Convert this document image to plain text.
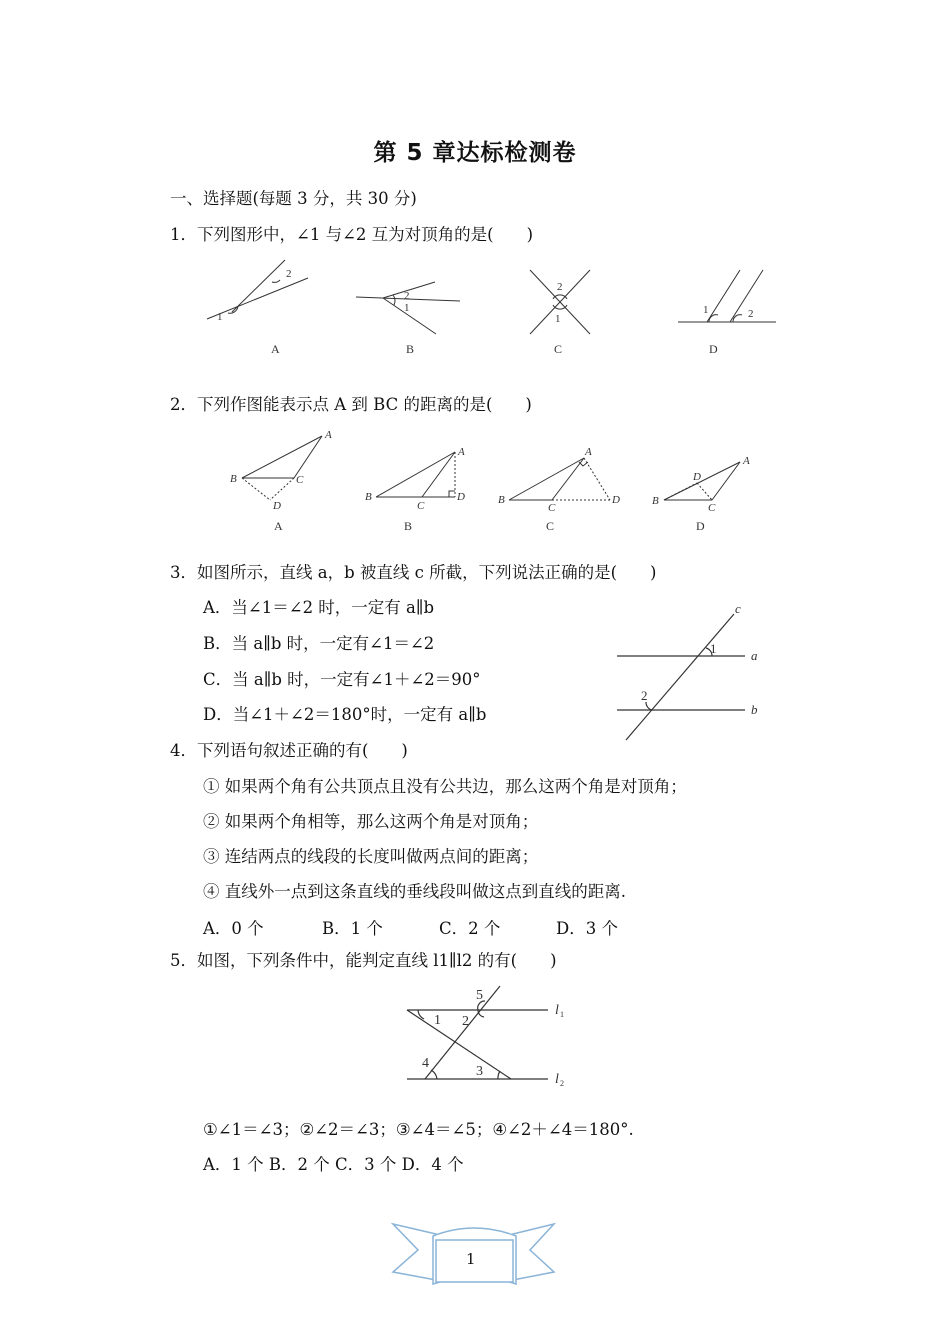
第 5 章达标检测卷
一、选择题(每题 3 分，共 30 分)
1．下列图形中，∠1 与∠2 互为对顶角的是(　　)
2
1
2
1
2
1
1	2
A	B	C	D
2．下列作图能表示点 A 到 BC 的距离的是(　　)
A
B	C
D
A
B
C
D
A
B
C
D
A
B
C
D
A	B	C	D
3．如图所示，直线 a，b 被直线 c 所截，下列说法正确的是(　　)
A．当∠1＝∠2 时，一定有 a∥b
B．当 a∥b 时，一定有∠1＝∠2
C．当 a∥b 时，一定有∠1＋∠2＝90°
D．当∠1＋∠2＝180°时，一定有 a∥b
c
a
b
1
2
4．下列语句叙述正确的有(　　)
① 如果两个角有公共顶点且没有公共边，那么这两个角是对顶角；
② 如果两个角相等，那么这两个角是对顶角；
③ 连结两点的线段的长度叫做两点间的距离；
④ 直线外一点到这条直线的垂线段叫做这点到直线的距离.
A．0 个	B．1 个	C．2 个	D．3 个
5．如图，下列条件中，能判定直线 l1∥l2 的有(　　)
5
1 2
4
3
l 1
l 2
①∠1＝∠3；②∠2＝∠3；③∠4＝∠5；④∠2＋∠4＝180°.
A．1 个 B．2 个 C．3 个 D．4 个
1
